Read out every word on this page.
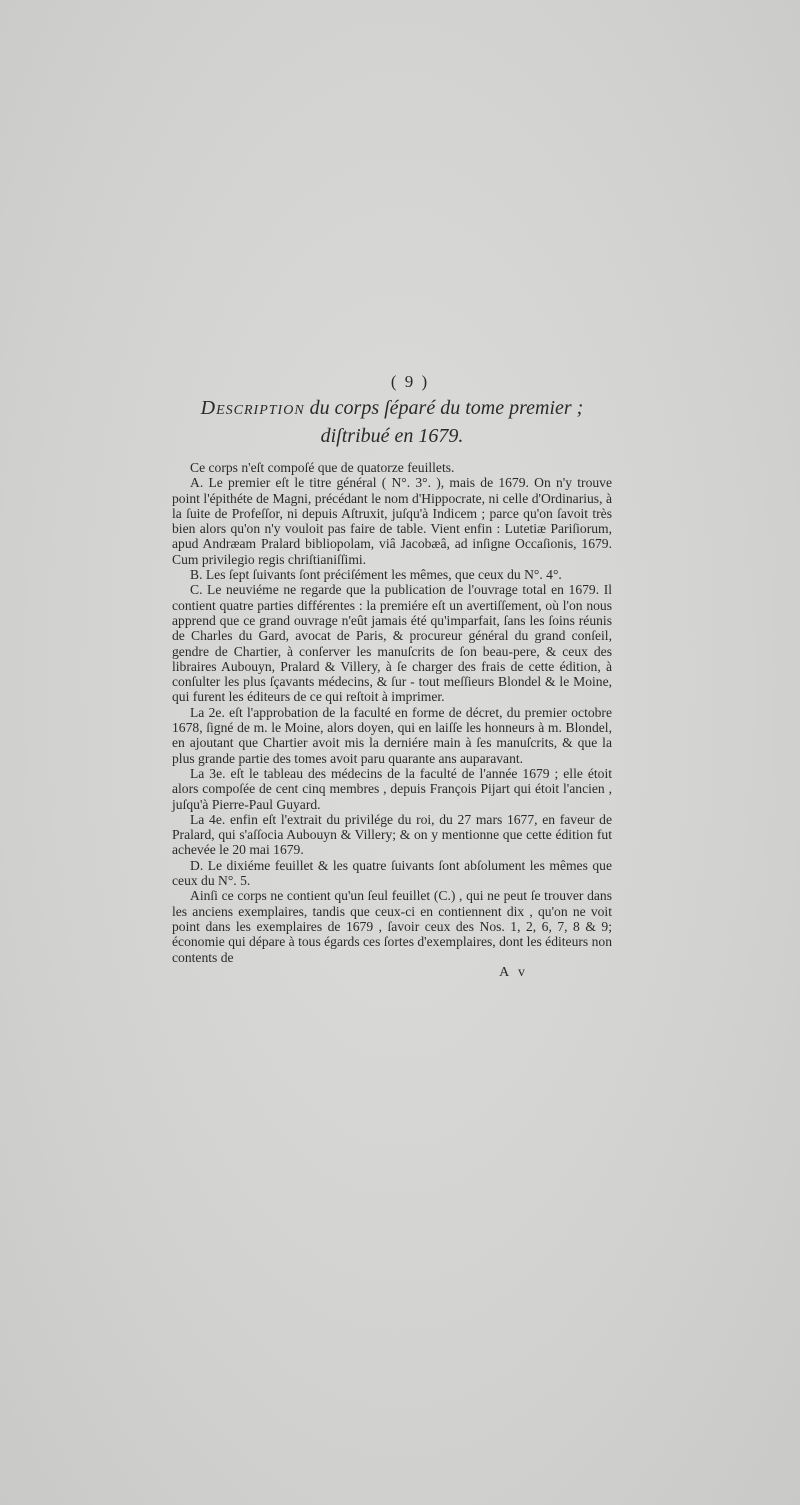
( 9 )
Description du corps ſéparé du tome premier ;
diſtribué en 1679.

Ce corps n'eſt compoſé que de quatorze feuillets.

A. Le premier eſt le titre général ( N°. 3°. ), mais de 1679. On n'y trouve point l'épithéte de Magni, précédant le nom d'Hippocrate, ni celle d'Ordinarius, à la ſuite de Profeſſor, ni depuis Aſtruxit, juſqu'à Indicem ; parce qu'on ſavoit très bien alors qu'on n'y vouloit pas faire de table. Vient enfin : Lutetiæ Pariſiorum, apud Andræam Pralard bibliopolam, viâ Jacobæâ, ad inſigne Occaſionis, 1679. Cum privilegio regis chriſtianiſſimi.

B. Les ſept ſuivants ſont préciſément les mêmes, que ceux du N°. 4°.

C. Le neuviéme ne regarde que la publication de l'ouvrage total en 1679. Il contient quatre parties différentes : la premiére eſt un avertiſſement, où l'on nous apprend que ce grand ouvrage n'eût jamais été qu'imparfait, ſans les ſoins réunis de Charles du Gard, avocat de Paris, & procureur général du grand conſeil, gendre de Chartier, à conſerver les manuſcrits de ſon beau-pere, & ceux des libraires Aubouyn, Pralard & Villery, à ſe charger des frais de cette édition, à conſulter les plus ſçavants médecins, & ſur - tout meſſieurs Blondel & le Moine, qui furent les éditeurs de ce qui reſtoit à imprimer.

La 2e. eſt l'approbation de la faculté en forme de décret, du premier octobre 1678, ſigné de m. le Moine, alors doyen, qui en laiſſe les honneurs à m. Blondel, en ajoutant que Chartier avoit mis la derniére main à ſes manuſcrits, & que la plus grande partie des tomes avoit paru quarante ans auparavant.

La 3e. eſt le tableau des médecins de la faculté de l'année 1679 ; elle étoit alors compoſée de cent cinq membres , depuis François Pijart qui étoit l'ancien , juſqu'à Pierre-Paul Guyard.

La 4e. enfin eſt l'extrait du privilége du roi, du 27 mars 1677, en faveur de Pralard, qui s'aſſocia Aubouyn & Villery; & on y mentionne que cette édition fut achevée le 20 mai 1679.

D. Le dixiéme feuillet & les quatre ſuivants ſont abſolument les mêmes que ceux du N°. 5.

Ainſi ce corps ne contient qu'un ſeul feuillet (C.) , qui ne peut ſe trouver dans les anciens exemplaires, tandis que ceux-ci en contiennent dix , qu'on ne voit point dans les exemplaires de 1679 , ſavoir ceux des Nos. 1, 2, 6, 7, 8 & 9; économie qui dépare à tous égards ces ſortes d'exemplaires, dont les éditeurs non contents de

A v
